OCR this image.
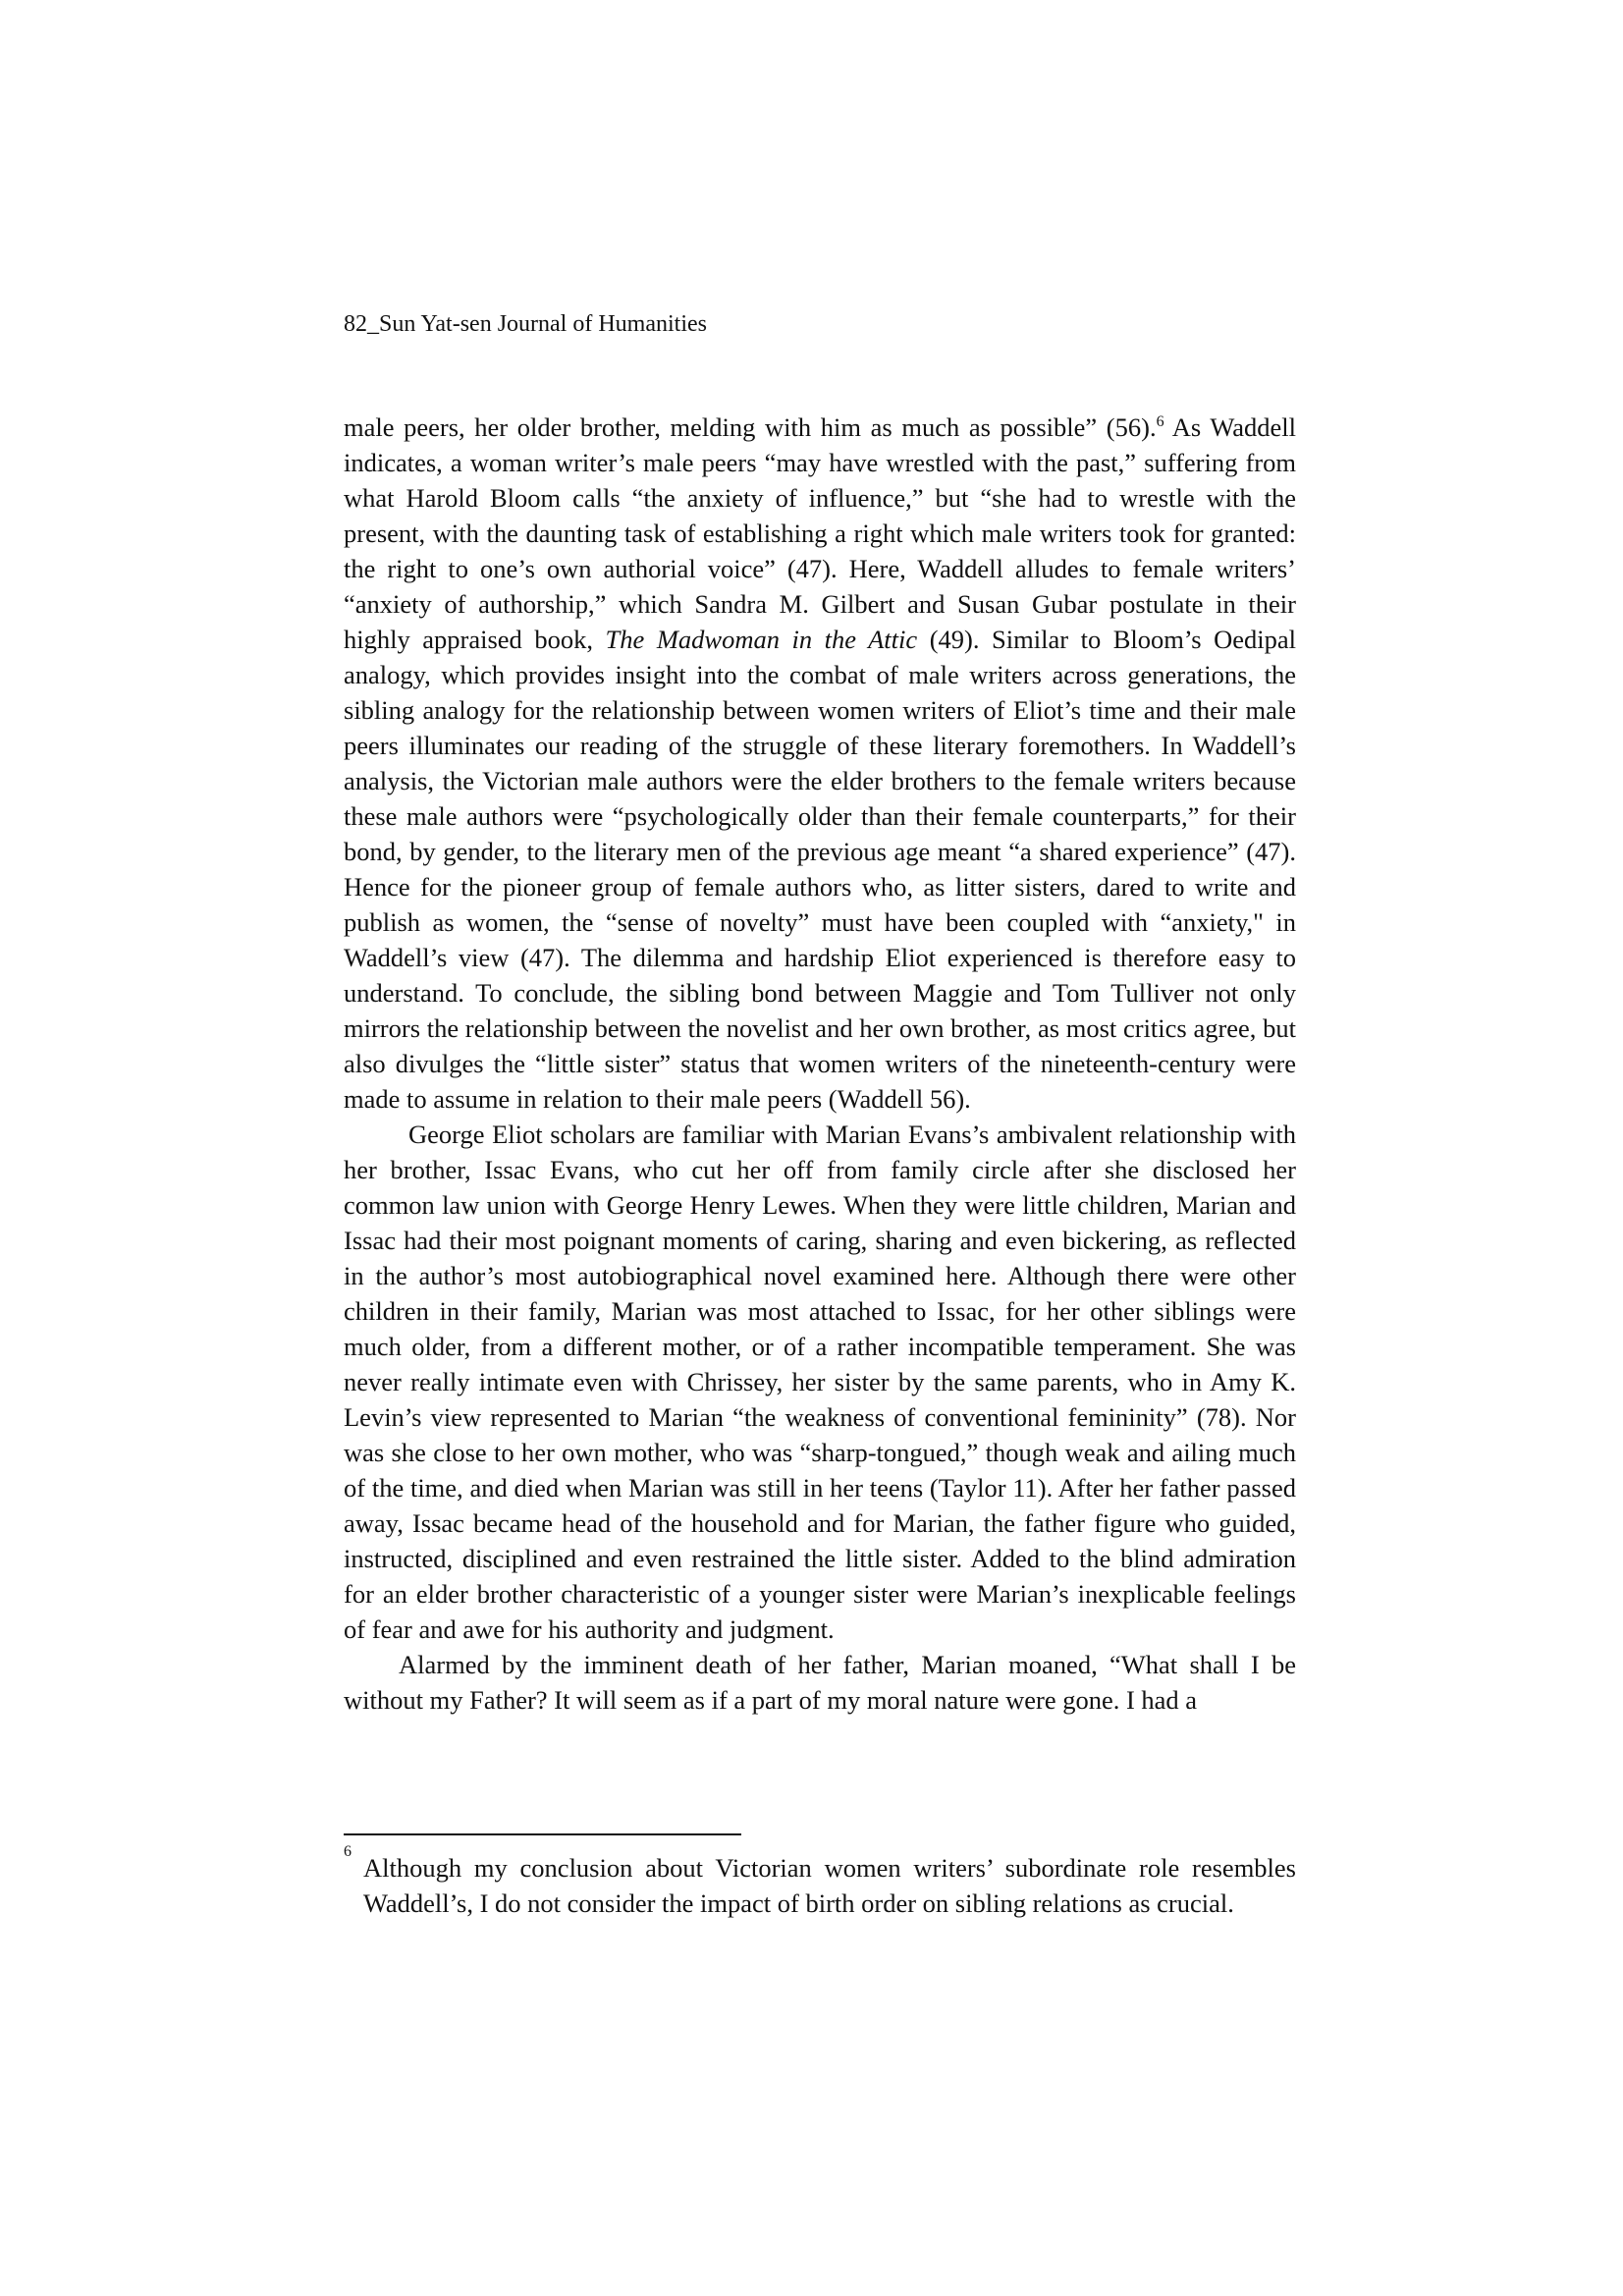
82_Sun Yat-sen Journal of Humanities

male peers, her older brother, melding with him as much as possible” (56).$^6$ As Waddell indicates, a woman writer’s male peers “may have wrestled with the past,” suffering from what Harold Bloom calls “the anxiety of influence,” but “she had to wrestle with the present, with the daunting task of establishing a right which male writers took for granted: the right to one’s own authorial voice” (47). Here, Waddell alludes to female writers’ “anxiety of authorship,” which Sandra M. Gilbert and Susan Gubar postulate in their highly appraised book, The Madwoman in the Attic (49). Similar to Bloom’s Oedipal analogy, which provides insight into the combat of male writers across generations, the sibling analogy for the relationship between women writers of Eliot’s time and their male peers illuminates our reading of the struggle of these literary foremothers. In Waddell’s analysis, the Victorian male authors were the elder brothers to the female writers because these male authors were “psychologically older than their female counterparts,” for their bond, by gender, to the literary men of the previous age meant “a shared experience” (47). Hence for the pioneer group of female authors who, as litter sisters, dared to write and publish as women, the “sense of novelty” must have been coupled with “anxiety," in Waddell’s view (47). The dilemma and hardship Eliot experienced is therefore easy to understand. To conclude, the sibling bond between Maggie and Tom Tulliver not only mirrors the relationship between the novelist and her own brother, as most critics agree, but also divulges the “little sister” status that women writers of the nineteenth-century were made to assume in relation to their male peers (Waddell 56).

George Eliot scholars are familiar with Marian Evans’s ambivalent relationship with her brother, Issac Evans, who cut her off from family circle after she disclosed her common law union with George Henry Lewes. When they were little children, Marian and Issac had their most poignant moments of caring, sharing and even bickering, as reflected in the author’s most autobiographical novel examined here. Although there were other children in their family, Marian was most attached to Issac, for her other siblings were much older, from a different mother, or of a rather incompatible temperament. She was never really intimate even with Chrissey, her sister by the same parents, who in Amy K. Levin’s view represented to Marian “the weakness of conventional femininity” (78). Nor was she close to her own mother, who was “sharp-tongued,” though weak and ailing much of the time, and died when Marian was still in her teens (Taylor 11). After her father passed away, Issac became head of the household and for Marian, the father figure who guided, instructed, disciplined and even restrained the little sister. Added to the blind admiration for an elder brother characteristic of a younger sister were Marian’s inexplicable feelings of fear and awe for his authority and judgment.

Alarmed by the imminent death of her father, Marian moaned, “What shall I be without my Father? It will seem as if a part of my moral nature were gone. I had a

6

Although my conclusion about Victorian women writers’ subordinate role resembles Waddell’s, I do not consider the impact of birth order on sibling relations as crucial.
